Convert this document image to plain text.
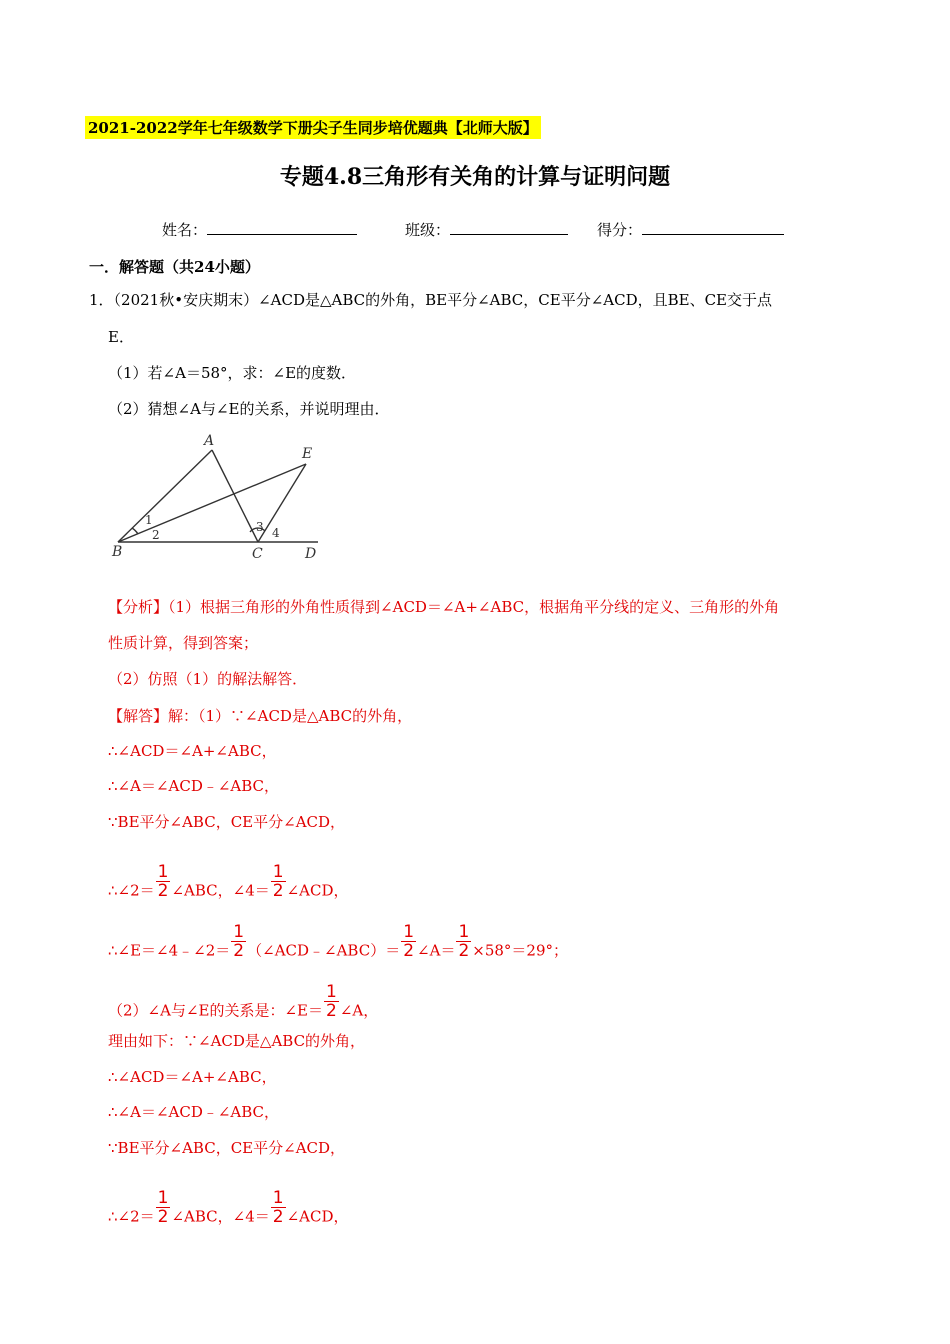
2021-2022学年七年级数学下册尖子生同步培优题典【北师大版】
专题4.8三角形有关角的计算与证明问题
姓名：	班级：	得分：
一．解答题（共24小题）
1．（2021秋•安庆期末）∠ACD是△ABC的外角，BE平分∠ABC，CE平分∠ACD，且BE、CE交于点
E．
（1）若∠A＝58°，求：∠E的度数．
（2）猜想∠A与∠E的关系，并说明理由．
A
B	C	D
E
1
2
3 4
【分析】（1）根据三角形的外角性质得到∠ACD＝∠A+∠ABC，根据角平分线的定义、三角形的外角
性质计算，得到答案；
（2）仿照（1）的解法解答．
【解答】解：（1）∵∠ACD是△ABC的外角，
∴∠ACD＝∠A+∠ABC，
∴∠A＝∠ACD﹣∠ABC，
∵BE平分∠ABC，CE平分∠ACD，
∴∠2＝ $\frac{1}{2}$ ∠ABC，∠4＝ $\frac{1}{2}$ ∠ACD，
∴∠E＝∠4﹣∠2＝ $\frac{1}{2}$ （∠ACD﹣∠ABC）＝ $\frac{1}{2}$ ∠A＝ $\frac{1}{2} \times 58^\circ=29^\circ$；
（2）∠A与∠E的关系是：∠E＝ $\frac{1}{2}$ ∠A，
理由如下：∵∠ACD是△ABC的外角，
∴∠ACD＝∠A+∠ABC，
∴∠A＝∠ACD﹣∠ABC，
∵BE平分∠ABC，CE平分∠ACD，
∴∠2＝ $\frac{1}{2}$ ∠ABC，∠4＝ $\frac{1}{2}$ ∠ACD，
